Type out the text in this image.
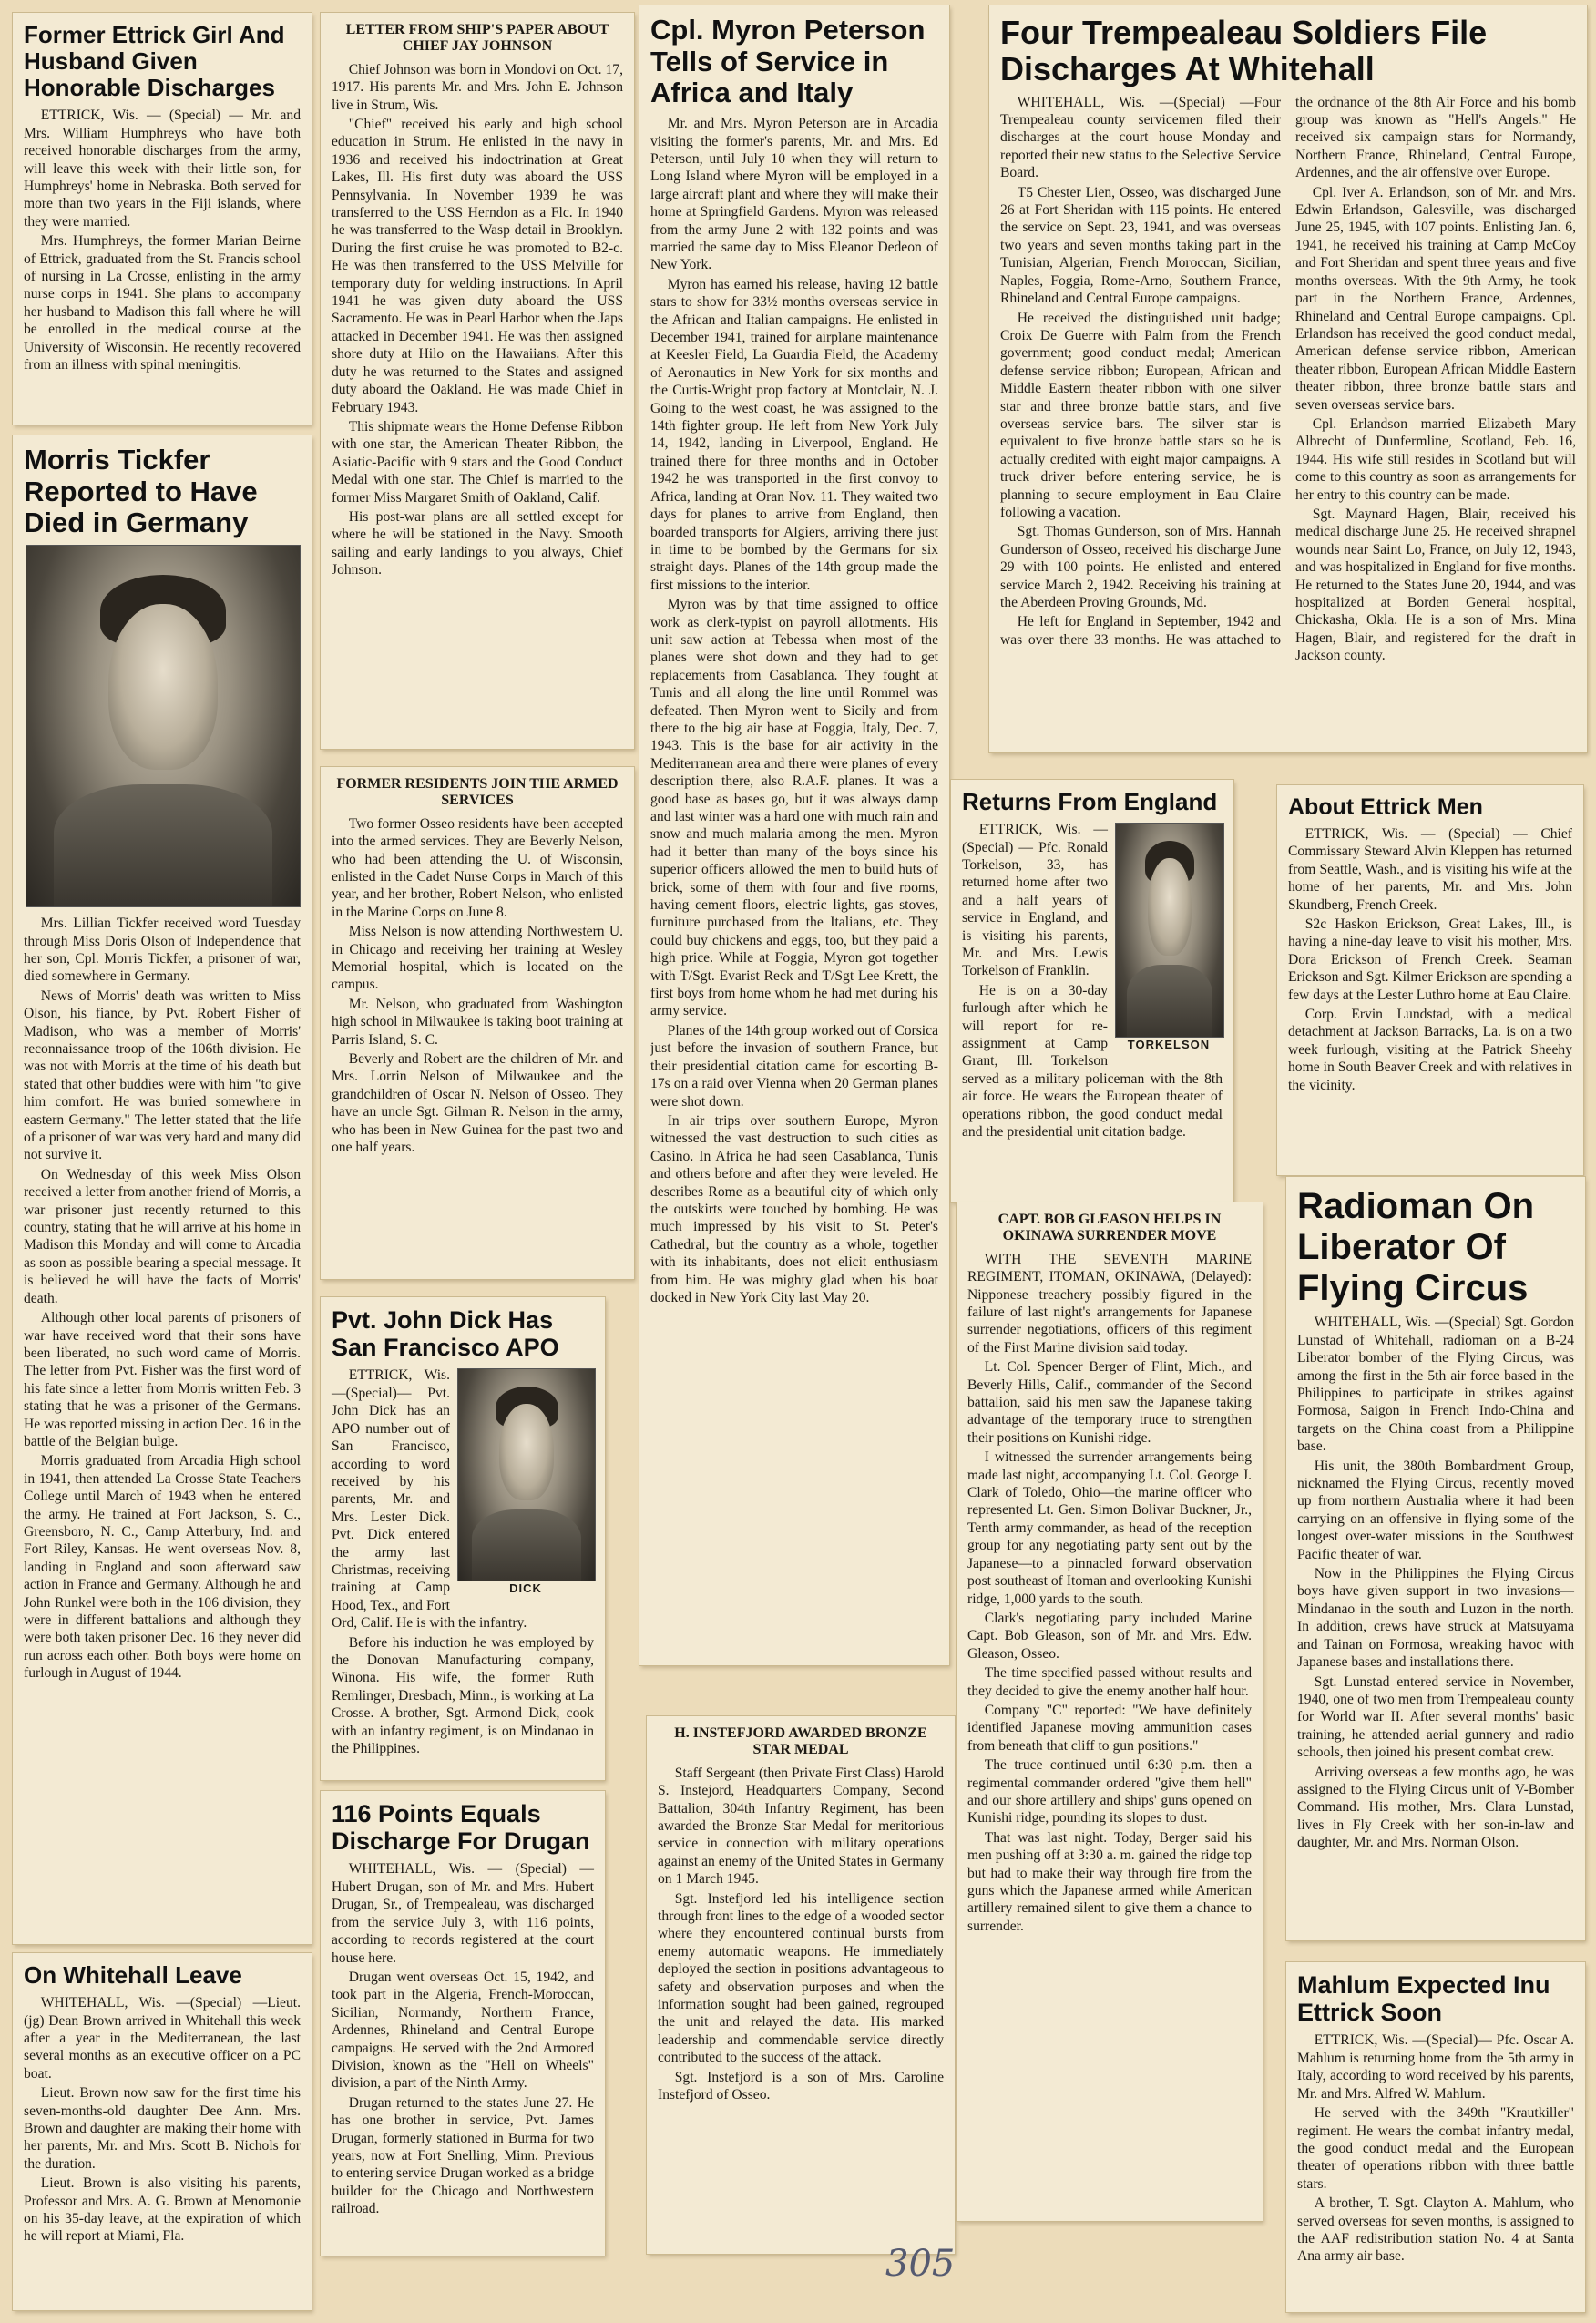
Former Ettrick Girl And Husband Given Honorable Discharges

ETTRICK, Wis. — (Special) — Mr. and Mrs. William Humphreys who have both received honorable discharges from the army, will leave this week with their little son, for Humphreys' home in Nebraska. Both served for more than two years in the Fiji islands, where they were married.

Mrs. Humphreys, the former Marian Beirne of Ettrick, graduated from the St. Francis school of nursing in La Crosse, enlisting in the army nurse corps in 1941. She plans to accompany her husband to Madison this fall where he will be enrolled in the medical course at the University of Wisconsin. He recently recovered from an illness with spinal meningitis.

Morris Tickfer Reported to Have Died in Germany

Mrs. Lillian Tickfer received word Tuesday through Miss Doris Olson of Independence that her son, Cpl. Morris Tickfer, a prisoner of war, died somewhere in Germany.

News of Morris' death was written to Miss Olson, his fiance, by Pvt. Robert Fisher of Madison, who was a member of Morris' reconnaissance troop of the 106th division. He was not with Morris at the time of his death but stated that other buddies were with him "to give him comfort. He was buried somewhere in eastern Germany." The letter stated that the life of a prisoner of war was very hard and many did not survive it.

On Wednesday of this week Miss Olson received a letter from another friend of Morris, a war prisoner just recently returned to this country, stating that he will arrive at his home in Madison this Monday and will come to Arcadia as soon as possible bearing a special message. It is believed he will have the facts of Morris' death.

Although other local parents of prisoners of war have received word that their sons have been liberated, no such word came of Morris. The letter from Pvt. Fisher was the first word of his fate since a letter from Morris written Feb. 3 stating that he was a prisoner of the Germans. He was reported missing in action Dec. 16 in the battle of the Belgian bulge.

Morris graduated from Arcadia High school in 1941, then attended La Crosse State Teachers College until March of 1943 when he entered the army. He trained at Fort Jackson, S. C., Greensboro, N. C., Camp Atterbury, Ind. and Fort Riley, Kansas. He went overseas Nov. 8, landing in England and soon afterward saw action in France and Germany. Although he and John Runkel were both in the 106 division, they were in different battalions and although they were both taken prisoner Dec. 16 they never did run across each other. Both boys were home on furlough in August of 1944.

On Whitehall Leave

WHITEHALL, Wis. —(Special) —Lieut. (jg) Dean Brown arrived in Whitehall this week after a year in the Mediterranean, the last several months as an executive officer on a PC boat.

Lieut. Brown now saw for the first time his seven-months-old daughter Dee Ann. Mrs. Brown and daughter are making their home with her parents, Mr. and Mrs. Scott B. Nichols for the duration.

Lieut. Brown is also visiting his parents, Professor and Mrs. A. G. Brown at Menomonie on his 35-day leave, at the expiration of which he will report at Miami, Fla.

LETTER FROM SHIP'S PAPER ABOUT CHIEF JAY JOHNSON

Chief Johnson was born in Mondovi on Oct. 17, 1917. His parents Mr. and Mrs. John E. Johnson live in Strum, Wis.

"Chief" received his early and high school education in Strum. He enlisted in the navy in 1936 and received his indoctrination at Great Lakes, Ill. His first duty was aboard the USS Pennsylvania. In November 1939 he was transferred to the USS Herndon as a Flc. In 1940 he was transferred to the Wasp detail in Brooklyn. During the first cruise he was promoted to B2-c. He was then transferred to the USS Melville for temporary duty for welding instructions. In April 1941 he was given duty aboard the USS Sacramento. He was in Pearl Harbor when the Japs attacked in December 1941. He was then assigned shore duty at Hilo on the Hawaiians. After this duty he was returned to the States and assigned duty aboard the Oakland. He was made Chief in February 1943.

This shipmate wears the Home Defense Ribbon with one star, the American Theater Ribbon, the Asiatic-Pacific with 9 stars and the Good Conduct Medal with one star. The Chief is married to the former Miss Margaret Smith of Oakland, Calif.

His post-war plans are all settled except for where he will be stationed in the Navy. Smooth sailing and early landings to you always, Chief Johnson.

FORMER RESIDENTS JOIN THE ARMED SERVICES

Two former Osseo residents have been accepted into the armed services. They are Beverly Nelson, who had been attending the U. of Wisconsin, enlisted in the Cadet Nurse Corps in March of this year, and her brother, Robert Nelson, who enlisted in the Marine Corps on June 8.

Miss Nelson is now attending Northwestern U. in Chicago and receiving her training at Wesley Memorial hospital, which is located on the campus.

Mr. Nelson, who graduated from Washington high school in Milwaukee is taking boot training at Parris Island, S. C.

Beverly and Robert are the children of Mr. and Mrs. Lorrin Nelson of Milwaukee and the grandchildren of Oscar N. Nelson of Osseo. They have an uncle Sgt. Gilman R. Nelson in the army, who has been in New Guinea for the past two and one half years.

Pvt. John Dick Has San Francisco APO
DICK

ETTRICK, Wis. —(Special)— Pvt. John Dick has an APO number out of San Francisco, according to word received by his parents, Mr. and Mrs. Lester Dick. Pvt. Dick entered the army last Christmas, receiving training at Camp Hood, Tex., and Fort Ord, Calif. He is with the infantry.

Before his induction he was employed by the Donovan Manufacturing company, Winona. His wife, the former Ruth Remlinger, Dresbach, Minn., is working at La Crosse. A brother, Sgt. Armond Dick, cook with an infantry regiment, is on Mindanao in the Philippines.

116 Points Equals Discharge For Drugan

WHITEHALL, Wis. — (Special) —Hubert Drugan, son of Mr. and Mrs. Hubert Drugan, Sr., of Trempealeau, was discharged from the service July 3, with 116 points, according to records registered at the court house here.

Drugan went overseas Oct. 15, 1942, and took part in the Algeria, French-Moroccan, Sicilian, Normandy, Northern France, Ardennes, Rhineland and Central Europe campaigns. He served with the 2nd Armored Division, known as the "Hell on Wheels" division, a part of the Ninth Army.

Drugan returned to the states June 27. He has one brother in service, Pvt. James Drugan, formerly stationed in Burma for two years, now at Fort Snelling, Minn. Previous to entering service Drugan worked as a bridge builder for the Chicago and Northwestern railroad.

Cpl. Myron Peterson Tells of Service in Africa and Italy

Mr. and Mrs. Myron Peterson are in Arcadia visiting the former's parents, Mr. and Mrs. Ed Peterson, until July 10 when they will return to Long Island where Myron will be employed in a large aircraft plant and where they will make their home at Springfield Gardens. Myron was released from the army June 2 with 132 points and was married the same day to Miss Eleanor Dedeon of New York.

Myron has earned his release, having 12 battle stars to show for 33½ months overseas service in the African and Italian campaigns. He enlisted in December 1941, trained for airplane maintenance at Keesler Field, La Guardia Field, the Academy of Aeronautics in New York for six months and the Curtis-Wright prop factory at Montclair, N. J. Going to the west coast, he was assigned to the 14th fighter group. He left from New York July 14, 1942, landing in Liverpool, England. He trained there for three months and in October 1942 he was transported in the first convoy to Africa, landing at Oran Nov. 11. They waited two days for planes to arrive from England, then boarded transports for Algiers, arriving there just in time to be bombed by the Germans for six straight days. Planes of the 14th group made the first missions to the interior.

Myron was by that time assigned to office work as clerk-typist on payroll allotments. His unit saw action at Tebessa when most of the planes were shot down and they had to get replacements from Casablanca. They fought at Tunis and all along the line until Rommel was defeated. Then Myron went to Sicily and from there to the big air base at Foggia, Italy, Dec. 7, 1943. This is the base for air activity in the Mediterranean area and there were planes of every description there, also R.A.F. planes. It was a good base as bases go, but it was always damp and last winter was a hard one with much rain and snow and much malaria among the men. Myron had it better than many of the boys since his superior officers allowed the men to build huts of brick, some of them with four and five rooms, having cement floors, electric lights, gas stoves, furniture purchased from the Italians, etc. They could buy chickens and eggs, too, but they paid a high price. While at Foggia, Myron got together with T/Sgt. Evarist Reck and T/Sgt Lee Krett, the first boys from home whom he had met during his army service.

Planes of the 14th group worked out of Corsica just before the invasion of southern France, but their presidential citation came for escorting B-17s on a raid over Vienna when 20 German planes were shot down.

In air trips over southern Europe, Myron witnessed the vast destruction to such cities as Casino. In Africa he had seen Casablanca, Tunis and others before and after they were leveled. He describes Rome as a beautiful city of which only the outskirts were touched by bombing. He was much impressed by his visit to St. Peter's Cathedral, but the country as a whole, together with its inhabitants, does not elicit enthusiasm from him. He was mighty glad when his boat docked in New York City last May 20.

H. INSTEFJORD AWARDED BRONZE STAR MEDAL

Staff Sergeant (then Private First Class) Harold S. Instejord, Headquarters Company, Second Battalion, 304th Infantry Regiment, has been awarded the Bronze Star Medal for meritorious service in connection with military operations against an enemy of the United States in Germany on 1 March 1945.

Sgt. Instefjord led his intelligence section through front lines to the edge of a wooded sector where they encountered continual bursts from enemy automatic weapons. He immediately deployed the section in positions advantageous to safety and observation purposes and when the information sought had been gained, regrouped the unit and relayed the data. His marked leadership and commendable service directly contributed to the success of the attack.

Sgt. Instefjord is a son of Mrs. Caroline Instefjord of Osseo.

Four Trempealeau Soldiers File Discharges At Whitehall

WHITEHALL, Wis. —(Special) —Four Trempealeau county servicemen filed their discharges at the court house Monday and reported their new status to the Selective Service Board.

T5 Chester Lien, Osseo, was discharged June 26 at Fort Sheridan with 115 points. He entered the service on Sept. 23, 1941, and was overseas two years and seven months taking part in the Tunisian, Algerian, French Moroccan, Sicilian, Naples, Foggia, Rome-Arno, Southern France, Rhineland and Central Europe campaigns.

He received the distinguished unit badge; Croix De Guerre with Palm from the French government; good conduct medal; American defense service ribbon; European, African and Middle Eastern theater ribbon with one silver star and three bronze battle stars, and five overseas service bars. The silver star is equivalent to five bronze battle stars so he is actually credited with eight major campaigns. A truck driver before entering service, he is planning to secure employment in Eau Claire following a vacation.

Sgt. Thomas Gunderson, son of Mrs. Hannah Gunderson of Osseo, received his discharge June 29 with 100 points. He enlisted and entered service March 2, 1942. Receiving his training at the Aberdeen Proving Grounds, Md.

He left for England in September, 1942 and was over there 33 months. He was attached to the ordnance of the 8th Air Force and his bomb group was known as "Hell's Angels." He received six campaign stars for Normandy, Northern France, Rhineland, Central Europe, Ardennes, and the air offensive over Europe.

Cpl. Iver A. Erlandson, son of Mr. and Mrs. Edwin Erlandson, Galesville, was discharged June 25, 1945, with 107 points. Enlisting Jan. 6, 1941, he received his training at Camp McCoy and Fort Sheridan and spent three years and five months overseas. With the 9th Army, he took part in the Northern France, Ardennes, Rhineland and Central Europe campaigns. Cpl. Erlandson has received the good conduct medal, American defense service ribbon, American theater ribbon, European African Middle Eastern theater ribbon, three bronze battle stars and seven overseas service bars.

Cpl. Erlandson married Elizabeth Mary Albrecht of Dunfermline, Scotland, Feb. 16, 1944. His wife still resides in Scotland but will come to this country as soon as arrangements for her entry to this country can be made.

Sgt. Maynard Hagen, Blair, received his medical discharge June 25. He received shrapnel wounds near Saint Lo, France, on July 12, 1943, and was hospitalized in England for five months. He returned to the States June 20, 1944, and was hospitalized at Borden General hospital, Chickasha, Okla. He is a son of Mrs. Mina Hagen, Blair, and registered for the draft in Jackson county.

Returns From England
TORKELSON

ETTRICK, Wis. — (Special) — Pfc. Ronald Torkelson, 33, has returned home after two and a half years of service in England, and is visiting his parents, Mr. and Mrs. Lewis Torkelson of Franklin.

He is on a 30-day furlough after which he will report for re-assignment at Camp Grant, Ill. Torkelson served as a military policeman with the 8th air force. He wears the European theater of operations ribbon, the good conduct medal and the presidential unit citation badge.

CAPT. BOB GLEASON HELPS IN OKINAWA SURRENDER MOVE

WITH THE SEVENTH MARINE REGIMENT, ITOMAN, OKINAWA, (Delayed): Nipponese treachery possibly figured in the failure of last night's arrangements for Japanese surrender negotiations, officers of this regiment of the First Marine division said today.

Lt. Col. Spencer Berger of Flint, Mich., and Beverly Hills, Calif., commander of the Second battalion, said his men saw the Japanese taking advantage of the temporary truce to strengthen their positions on Kunishi ridge.

I witnessed the surrender arrangements being made last night, accompanying Lt. Col. George J. Clark of Toledo, Ohio—the marine officer who represented Lt. Gen. Simon Bolivar Buckner, Jr., Tenth army commander, as head of the reception group for any negotiating party sent out by the Japanese—to a pinnacled forward observation post southeast of Itoman and overlooking Kunishi ridge, 1,000 yards to the south.

Clark's negotiating party included Marine Capt. Bob Gleason, son of Mr. and Mrs. Edw. Gleason, Osseo.

The time specified passed without results and they decided to give the enemy another half hour.

Company "C" reported: "We have definitely identified Japanese moving ammunition cases from beneath that cliff to gun positions."

The truce continued until 6:30 p.m. then a regimental commander ordered "give them hell" and our shore artillery and ships' guns opened on Kunishi ridge, pounding its slopes to dust.

That was last night. Today, Berger said his men pushing off at 3:30 a. m. gained the ridge top but had to make their way through fire from the guns which the Japanese armed while American artillery remained silent to give them a chance to surrender.

About Ettrick Men

ETTRICK, Wis. — (Special) — Chief Commissary Steward Alvin Kleppen has returned from Seattle, Wash., and is visiting his wife at the home of her parents, Mr. and Mrs. John Skundberg, French Creek.

S2c Haskon Erickson, Great Lakes, Ill., is having a nine-day leave to visit his mother, Mrs. Dora Erickson of French Creek. Seaman Erickson and Sgt. Kilmer Erickson are spending a few days at the Lester Luthro home at Eau Claire.

Corp. Ervin Lundstad, with a medical detachment at Jackson Barracks, La. is on a two week furlough, visiting at the Patrick Sheehy home in South Beaver Creek and with relatives in the vicinity.

Radioman On Liberator Of Flying Circus

WHITEHALL, Wis. —(Special) Sgt. Gordon Lunstad of Whitehall, radioman on a B-24 Liberator bomber of the Flying Circus, was among the first in the 5th air force based in the Philippines to participate in strikes against Formosa, Saigon in French Indo-China and targets on the China coast from a Philippine base.

His unit, the 380th Bombardment Group, nicknamed the Flying Circus, recently moved up from northern Australia where it had been carrying on an offensive in flying some of the longest over-water missions in the Southwest Pacific theater of war.

Now in the Philippines the Flying Circus boys have given support in two invasions—Mindanao in the south and Luzon in the north. In addition, crews have struck at Matsuyama and Tainan on Formosa, wreaking havoc with Japanese bases and installations there.

Sgt. Lunstad entered service in November, 1940, one of two men from Trempealeau county for World war II. After several months' basic training, he attended aerial gunnery and radio schools, then joined his present combat crew.

Arriving overseas a few months ago, he was assigned to the Flying Circus unit of V-Bomber Command. His mother, Mrs. Clara Lunstad, lives in Fly Creek with her son-in-law and daughter, Mr. and Mrs. Norman Olson.

Mahlum Expected Inu Ettrick Soon

ETTRICK, Wis. —(Special)— Pfc. Oscar A. Mahlum is returning home from the 5th army in Italy, according to word received by his parents, Mr. and Mrs. Alfred W. Mahlum.

He served with the 349th "Krautkiller" regiment. He wears the combat infantry medal, the good conduct medal and the European theater of operations ribbon with three battle stars.

A brother, T. Sgt. Clayton A. Mahlum, who served overseas for seven months, is assigned to the AAF redistribution station No. 4 at Santa Ana army air base.

305
